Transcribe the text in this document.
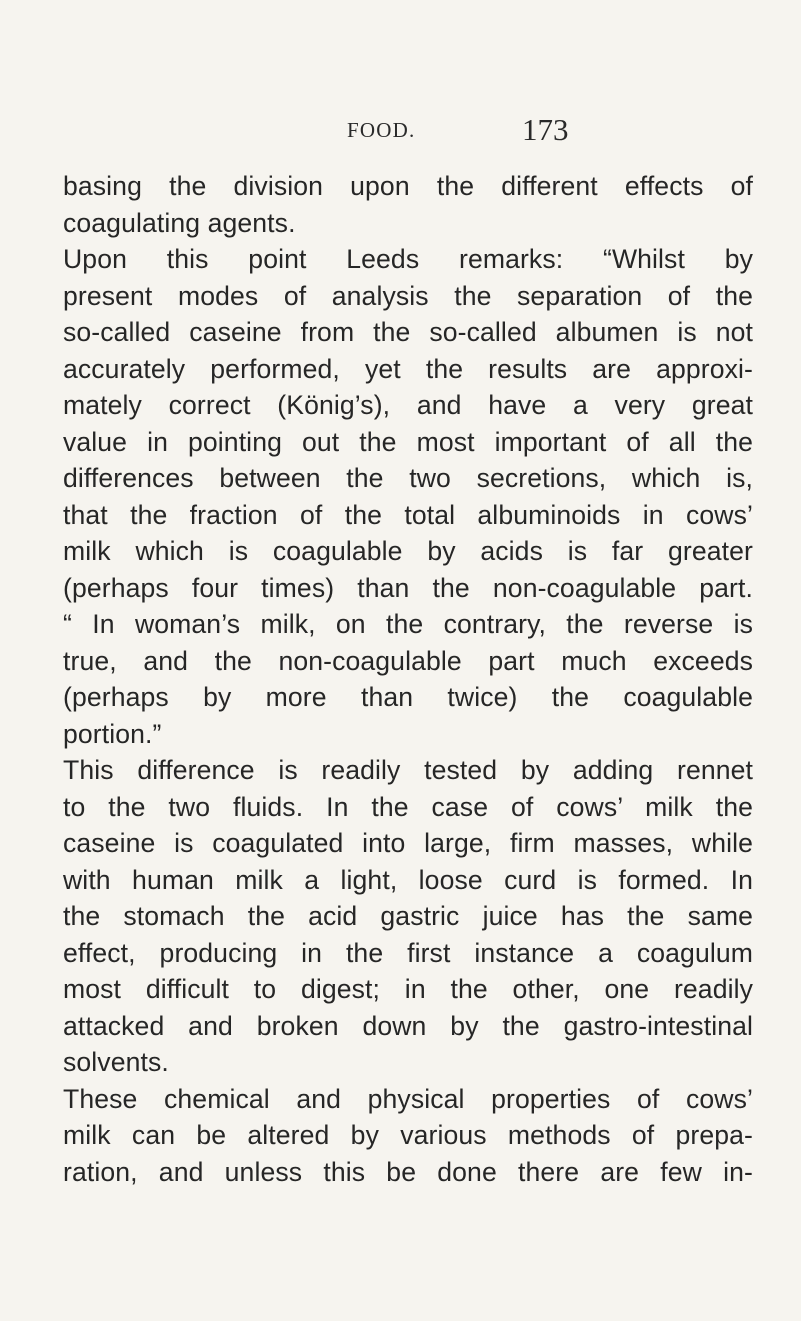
FOOD.	173
basing the division upon the different effects of
coagulating agents.
Upon this point Leeds remarks: “Whilst by
present modes of analysis the separation of the
so-called caseine from the so-called albumen is not
accurately performed, yet the results are approxi-
mately correct (König’s), and have a very great
value in pointing out the most important of all the
differences between the two secretions, which is,
that the fraction of the total albuminoids in cows’
milk which is coagulable by acids is far greater
(perhaps four times) than the non-coagulable part.
“ In woman’s milk, on the contrary, the reverse is
true, and the non-coagulable part much exceeds
(perhaps by more than twice) the coagulable
portion.”
This difference is readily tested by adding rennet
to the two fluids. In the case of cows’ milk the
caseine is coagulated into large, firm masses, while
with human milk a light, loose curd is formed. In
the stomach the acid gastric juice has the same
effect, producing in the first instance a coagulum
most difficult to digest; in the other, one readily
attacked and broken down by the gastro-intestinal
solvents.
These chemical and physical properties of cows’
milk can be altered by various methods of prepa-
ration, and unless this be done there are few in-
